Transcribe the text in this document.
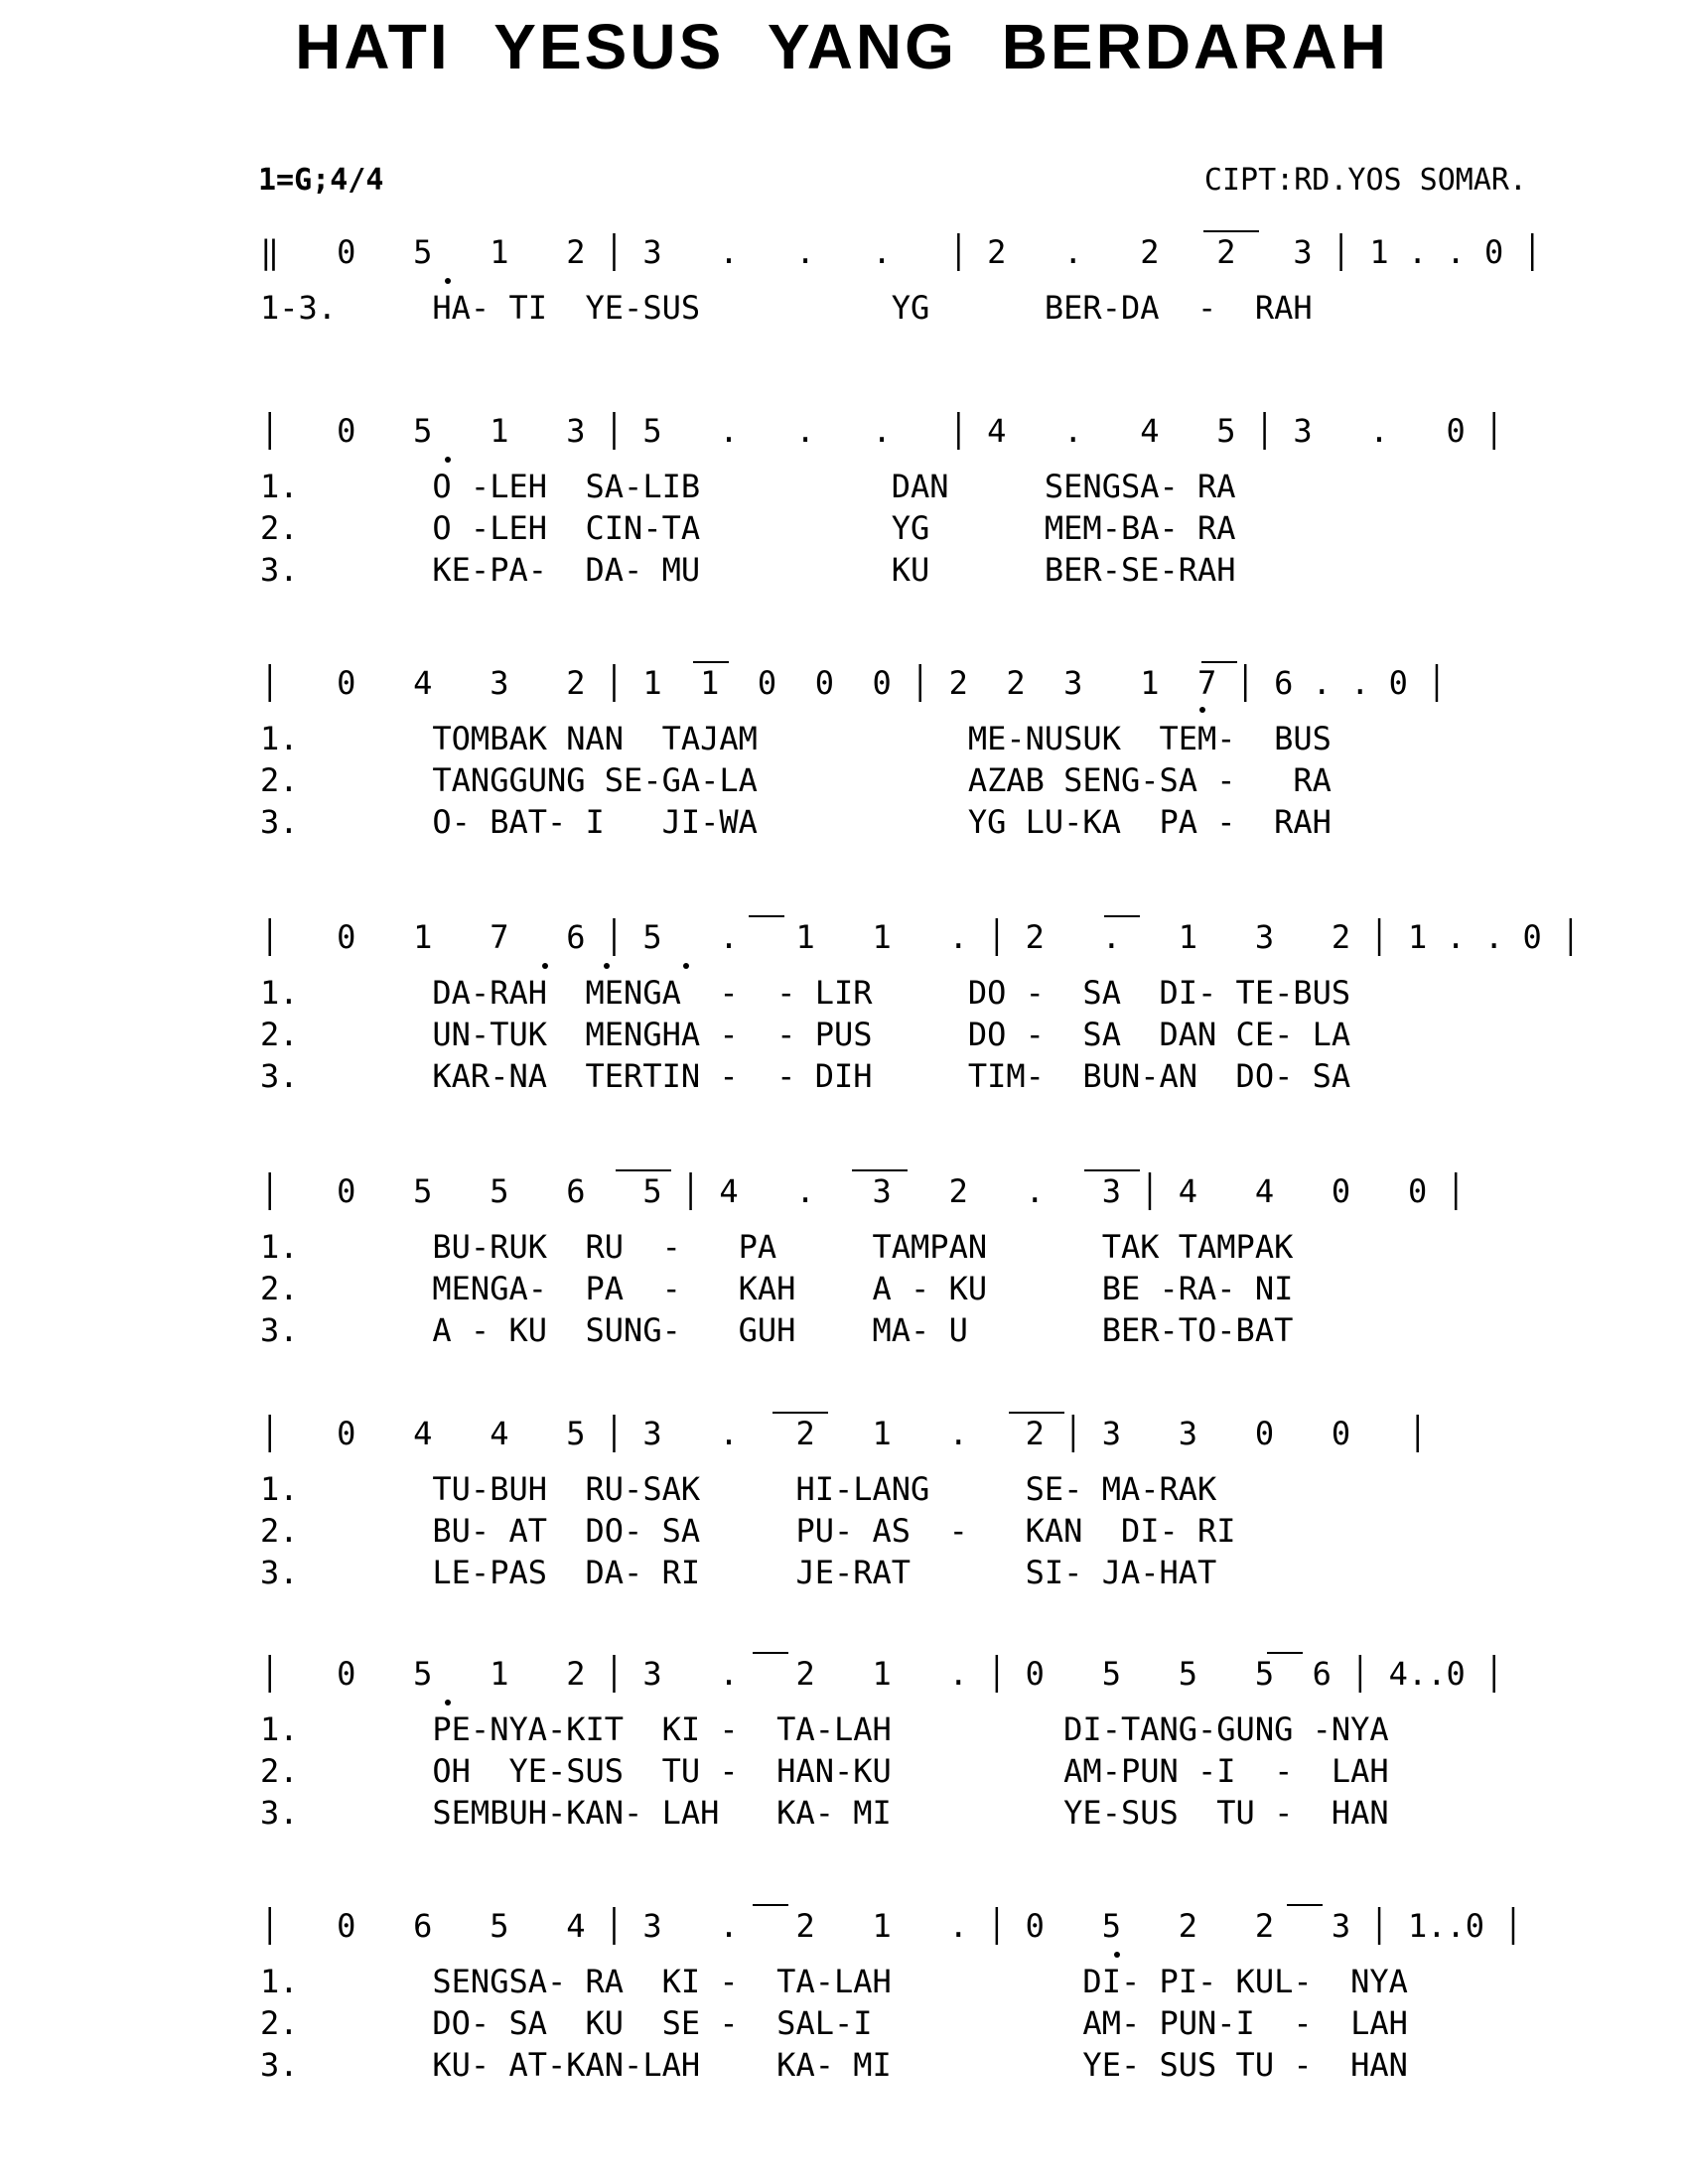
HATI YESUS YANG BERDARAH
1=G;4/4	CIPT:RD.YOS SOMAR.
‖   0   5   1   2 │ 3   .   .   .   │ 2   .   2   2   3 │ 1 . . 0 │
1-3.     HA- TI  YE-SUS          YG      BER-DA  -  RAH
│   0   5   1   3 │ 5   .   .   .   │ 4   .   4   5 │ 3   .   0 │
1.       O -LEH  SA-LIB          DAN     SENGSA- RA
2.       O -LEH  CIN-TA          YG      MEM-BA- RA
3.       KE-PA-  DA- MU          KU      BER-SE-RAH
│   0   4   3   2 │ 1  1  0  0  0 │ 2  2  3   1  7 │ 6 . . 0 │
1.       TOMBAK NAN  TAJAM           ME-NUSUK  TEM-  BUS
2.       TANGGUNG SE-GA-LA           AZAB SENG-SA -   RA
3.       O- BAT- I   JI-WA           YG LU-KA  PA -  RAH
│   0   1   7   6 │ 5   .   1   1   . │ 2   .   1   3   2 │ 1 . . 0 │
1.       DA-RAH  MENGA  -  - LIR     DO -  SA  DI- TE-BUS
2.       UN-TUK  MENGHA -  - PUS     DO -  SA  DAN CE- LA
3.       KAR-NA  TERTIN -  - DIH     TIM-  BUN-AN  DO- SA
│   0   5   5   6   5 │ 4   .   3   2   .   3 │ 4   4   0   0 │
1.       BU-RUK  RU  -   PA     TAMPAN      TAK TAMPAK
2.       MENGA-  PA  -   KAH    A - KU      BE -RA- NI
3.       A - KU  SUNG-   GUH    MA- U       BER-TO-BAT
│   0   4   4   5 │ 3   .   2   1   .   2 │ 3   3   0   0   │
1.       TU-BUH  RU-SAK     HI-LANG     SE- MA-RAK
2.       BU- AT  DO- SA     PU- AS  -   KAN  DI- RI
3.       LE-PAS  DA- RI     JE-RAT      SI- JA-HAT
│   0   5   1   2 │ 3   .   2   1   . │ 0   5   5   5  6 │ 4..0 │
1.       PE-NYA-KIT  KI -  TA-LAH         DI-TANG-GUNG -NYA
2.       OH  YE-SUS  TU -  HAN-KU         AM-PUN -I  -  LAH
3.       SEMBUH-KAN- LAH   KA- MI         YE-SUS  TU -  HAN
│   0   6   5   4 │ 3   .   2   1   . │ 0   5   2   2   3 │ 1..0 │
1.       SENGSA- RA  KI -  TA-LAH          DI- PI- KUL-  NYA
2.       DO- SA  KU  SE -  SAL-I           AM- PUN-I  -  LAH
3.       KU- AT-KAN-LAH    KA- MI          YE- SUS TU -  HAN
